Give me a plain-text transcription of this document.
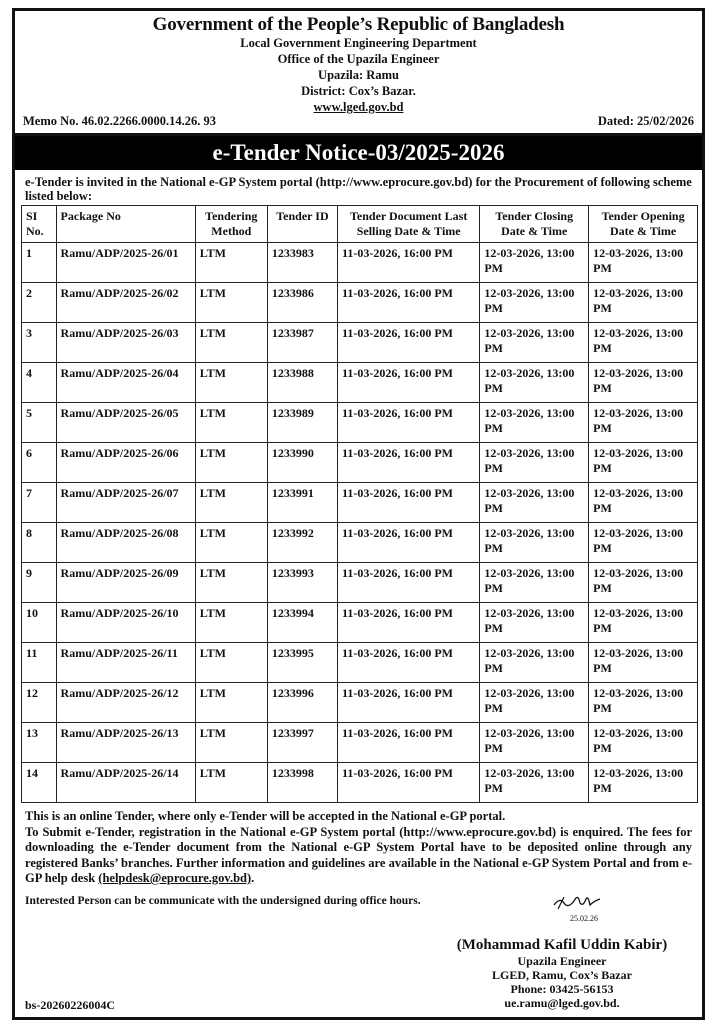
Government of the People’s Republic of Bangladesh
Local Government Engineering Department
Office of the Upazila Engineer
Upazila: Ramu
District: Cox’s Bazar.
www.lged.gov.bd
Memo No. 46.02.2266.0000.14.26. 93	Dated: 25/02/2026
e-Tender Notice-03/2025-2026
e-Tender is invited in the National e-GP System portal (http://www.eprocure.gov.bd) for the Procurement of following scheme listed below:
SI No.	Package No	Tendering Method	Tender ID	Tender Document Last Selling Date & Time	Tender Closing Date & Time	Tender Opening Date & Time
1	Ramu/ADP/2025-26/01	LTM	1233983	11-03-2026, 16:00 PM	12-03-2026, 13:00 PM	12-03-2026, 13:00 PM
2	Ramu/ADP/2025-26/02	LTM	1233986	11-03-2026, 16:00 PM	12-03-2026, 13:00 PM	12-03-2026, 13:00 PM
3	Ramu/ADP/2025-26/03	LTM	1233987	11-03-2026, 16:00 PM	12-03-2026, 13:00 PM	12-03-2026, 13:00 PM
4	Ramu/ADP/2025-26/04	LTM	1233988	11-03-2026, 16:00 PM	12-03-2026, 13:00 PM	12-03-2026, 13:00 PM
5	Ramu/ADP/2025-26/05	LTM	1233989	11-03-2026, 16:00 PM	12-03-2026, 13:00 PM	12-03-2026, 13:00 PM
6	Ramu/ADP/2025-26/06	LTM	1233990	11-03-2026, 16:00 PM	12-03-2026, 13:00 PM	12-03-2026, 13:00 PM
7	Ramu/ADP/2025-26/07	LTM	1233991	11-03-2026, 16:00 PM	12-03-2026, 13:00 PM	12-03-2026, 13:00 PM
8	Ramu/ADP/2025-26/08	LTM	1233992	11-03-2026, 16:00 PM	12-03-2026, 13:00 PM	12-03-2026, 13:00 PM
9	Ramu/ADP/2025-26/09	LTM	1233993	11-03-2026, 16:00 PM	12-03-2026, 13:00 PM	12-03-2026, 13:00 PM
10	Ramu/ADP/2025-26/10	LTM	1233994	11-03-2026, 16:00 PM	12-03-2026, 13:00 PM	12-03-2026, 13:00 PM
11	Ramu/ADP/2025-26/11	LTM	1233995	11-03-2026, 16:00 PM	12-03-2026, 13:00 PM	12-03-2026, 13:00 PM
12	Ramu/ADP/2025-26/12	LTM	1233996	11-03-2026, 16:00 PM	12-03-2026, 13:00 PM	12-03-2026, 13:00 PM
13	Ramu/ADP/2025-26/13	LTM	1233997	11-03-2026, 16:00 PM	12-03-2026, 13:00 PM	12-03-2026, 13:00 PM
14	Ramu/ADP/2025-26/14	LTM	1233998	11-03-2026, 16:00 PM	12-03-2026, 13:00 PM	12-03-2026, 13:00 PM
This is an online Tender, where only e-Tender will be accepted in the National e-GP portal.
To Submit e-Tender, registration in the National e-GP System portal (http://www.eprocure.gov.bd) is enquired. The fees for downloading the e-Tender document from the National e-GP System Portal have to be deposited online through any registered Banks’ branches. Further information and guidelines are available in the National e-GP System Portal and from e-GP help desk (helpdesk@eprocure.gov.bd).
Interested Person can be communicate with the undersigned during office hours.
25.02.26
(Mohammad Kafil Uddin Kabir)
Upazila Engineer
LGED, Ramu, Cox’s Bazar
Phone: 03425-56153
ue.ramu@lged.gov.bd.
bs-20260226004C
